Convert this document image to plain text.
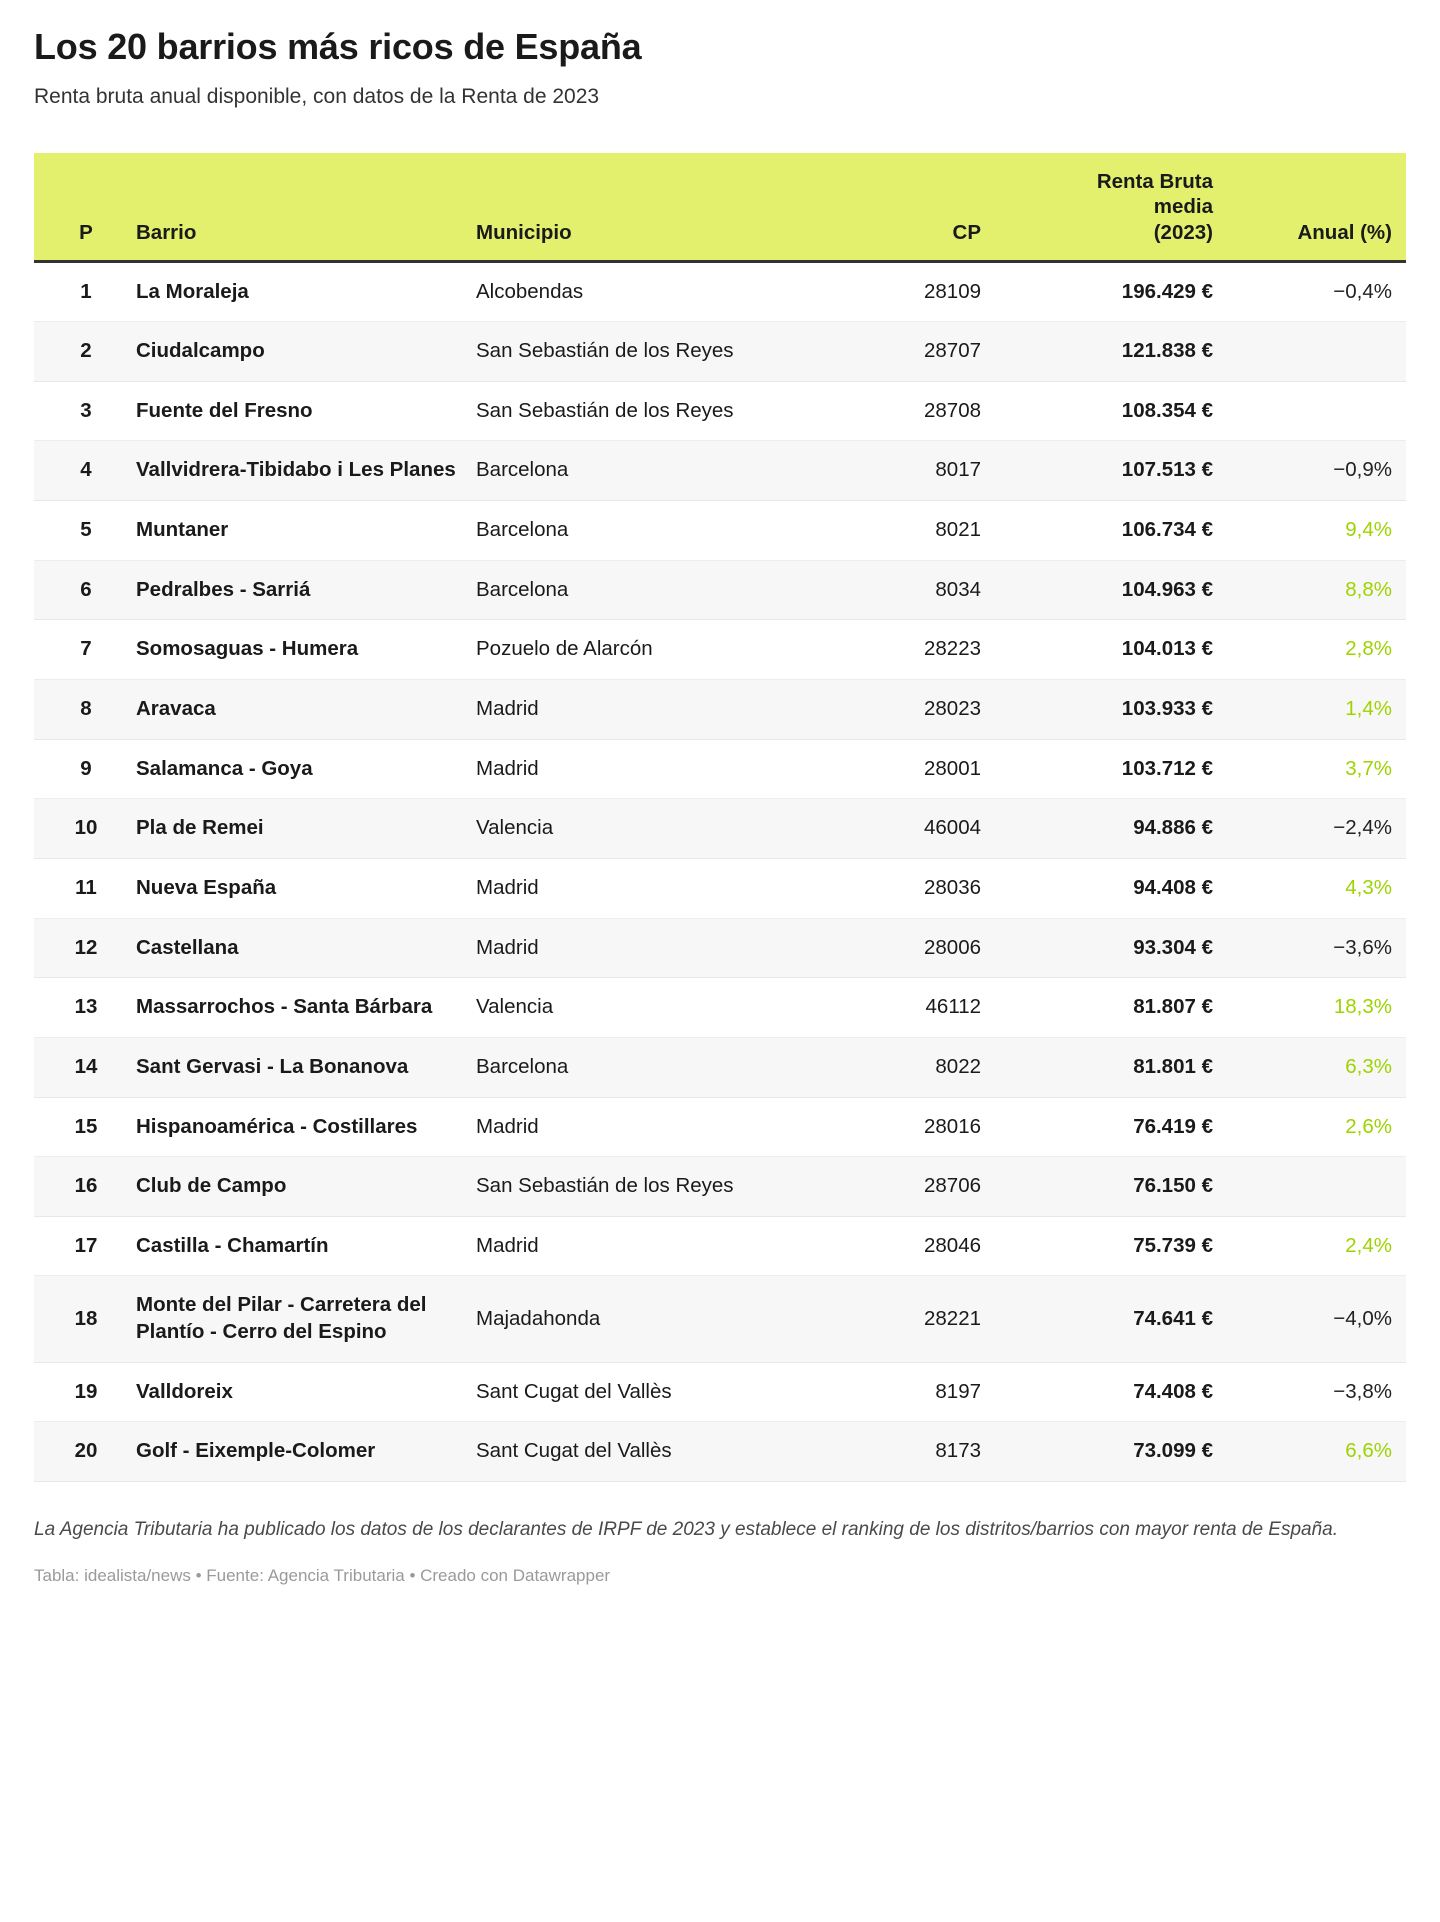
Los 20 barrios más ricos de España

Renta bruta anual disponible, con datos de la Renta de 2023

P	Barrio	Municipio	CP	Renta Bruta
media
(2023)	Anual (%)
1	La Moraleja	Alcobendas	28109	196.429 €	−0,4%
2	Ciudalcampo	San Sebastián de los Reyes	28707	121.838 €	
3	Fuente del Fresno	San Sebastián de los Reyes	28708	108.354 €	
4	Vallvidrera-Tibidabo i Les Planes	Barcelona	8017	107.513 €	−0,9%
5	Muntaner	Barcelona	8021	106.734 €	9,4%
6	Pedralbes - Sarriá	Barcelona	8034	104.963 €	8,8%
7	Somosaguas - Humera	Pozuelo de Alarcón	28223	104.013 €	2,8%
8	Aravaca	Madrid	28023	103.933 €	1,4%
9	Salamanca - Goya	Madrid	28001	103.712 €	3,7%
10	Pla de Remei	Valencia	46004	94.886 €	−2,4%
11	Nueva España	Madrid	28036	94.408 €	4,3%
12	Castellana	Madrid	28006	93.304 €	−3,6%
13	Massarrochos - Santa Bárbara	Valencia	46112	81.807 €	18,3%
14	Sant Gervasi - La Bonanova	Barcelona	8022	81.801 €	6,3%
15	Hispanoamérica - Costillares	Madrid	28016	76.419 €	2,6%
16	Club de Campo	San Sebastián de los Reyes	28706	76.150 €	
17	Castilla - Chamartín	Madrid	28046	75.739 €	2,4%
18	Monte del Pilar - Carretera del Plantío - Cerro del Espino	Majadahonda	28221	74.641 €	−4,0%
19	Valldoreix	Sant Cugat del Vallès	8197	74.408 €	−3,8%
20	Golf - Eixemple-Colomer	Sant Cugat del Vallès	8173	73.099 €	6,6%

La Agencia Tributaria ha publicado los datos de los declarantes de IRPF de 2023 y establece el ranking de los distritos/barrios con mayor renta de España.

Tabla: idealista/news • Fuente: Agencia Tributaria • Creado con Datawrapper
